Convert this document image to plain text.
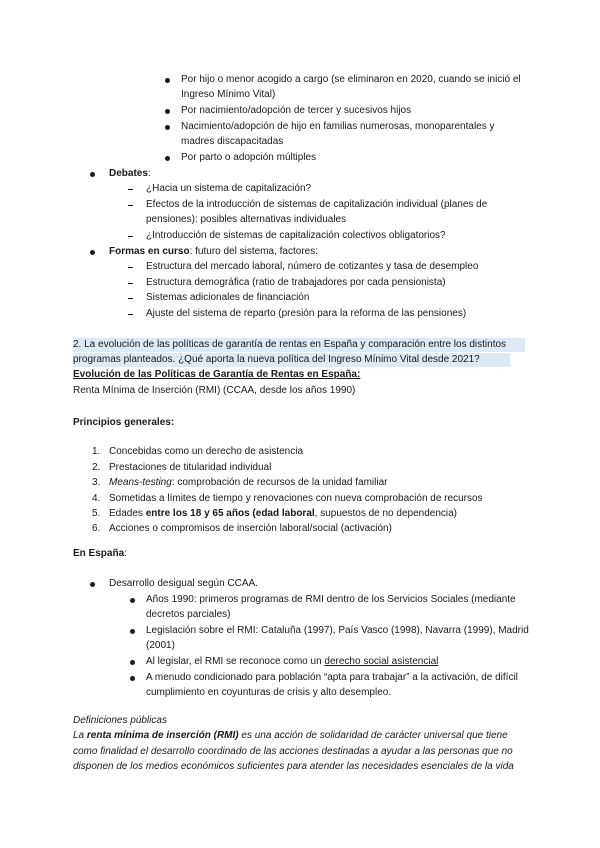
Por hijo o menor acogido a cargo (se eliminaron en 2020, cuando se inició el
Ingreso Mínimo Vital)
Por nacimiento/adopción de tercer y sucesivos hijos
Nacimiento/adopción de hijo en familias numerosas, monoparentales y
madres discapacitadas
Por parto o adopción múltiples
Debates:
¿Hacia un sistema de capitalización?
Efectos de la introducción de sistemas de capitalización individual (planes de
pensiones): posibles alternativas individuales
¿Introducción de sistemas de capitalización colectivos obligatorios?
Formas en curso: futuro del sistema, factores:
Estructura del mercado laboral, número de cotizantes y tasa de desempleo
Estructura demográfica (ratio de trabajadores por cada pensionista)
Sistemas adicionales de financiación
Ajuste del sistema de reparto (presión para la reforma de las pensiones)
2. La evolución de las políticas de garantía de rentas en España y comparación entre los distintos
programas planteados. ¿Qué aporta la nueva política del Ingreso Mínimo Vital desde 2021?
Evolución de las Políticas de Garantía de Rentas en España:
Renta Mínima de Inserción (RMI) (CCAA, desde los años 1990)
Principios generales:
1. Concebidas como un derecho de asistencia
2. Prestaciones de titularidad individual
3. Means-testing: comprobación de recursos de la unidad familiar
4. Sometidas a límites de tiempo y renovaciones con nueva comprobación de recursos
5. Edades entre los 18 y 65 años (edad laboral, supuestos de no dependencia)
6. Acciones o compromisos de inserción laboral/social (activación)
En España:
Desarrollo desigual según CCAA.
Años 1990: primeros programas de RMI dentro de los Servicios Sociales (mediante
decretos parciales)
Legislación sobre el RMI: Cataluña (1997), País Vasco (1998), Navarra (1999), Madrid
(2001)
Al legislar, el RMI se reconoce como un derecho social asistencial
A menudo condicionado para población “apta para trabajar” a la activación, de difícil
cumplimiento en coyunturas de crisis y alto desempleo.
Definiciones públicas
La renta mínima de inserción (RMI) es una acción de solidaridad de carácter universal que tiene
como finalidad el desarrollo coordinado de las acciones destinadas a ayudar a las personas que no
disponen de los medios económicos suficientes para atender las necesidades esenciales de la vida
